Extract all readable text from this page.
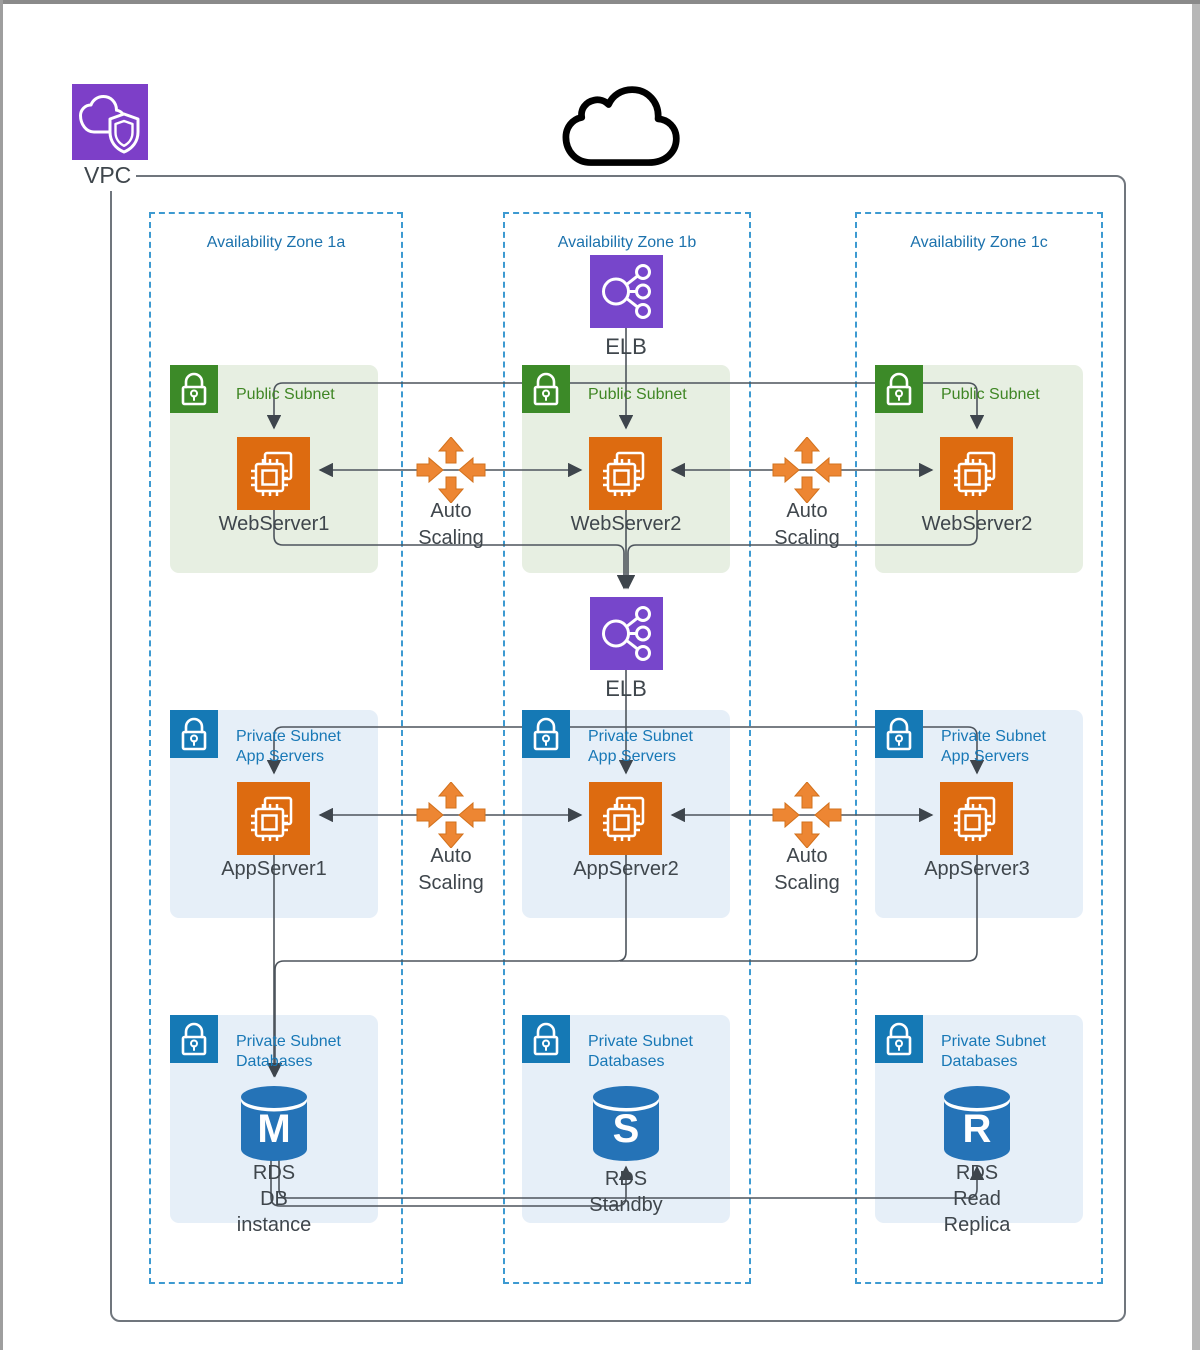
VPC
Availability Zone 1a	Availability Zone 1b	Availability Zone 1c
ELB
ELB
Public Subnet	Public Subnet	Public Subnet
WebServer1	WebServer2	WebServer2
Auto
Scaling
Auto
Scaling
Private Subnet
App Servers
Private Subnet
App Servers
Private Subnet
App Servers
AppServer1	AppServer2	AppServer3
Auto
Scaling
Auto
Scaling
Private Subnet
Databases
Private Subnet
Databases
Private Subnet
Databases
M
RDS
DB
instance
S
RDS
Standby
R
RDS
Read
Replica
